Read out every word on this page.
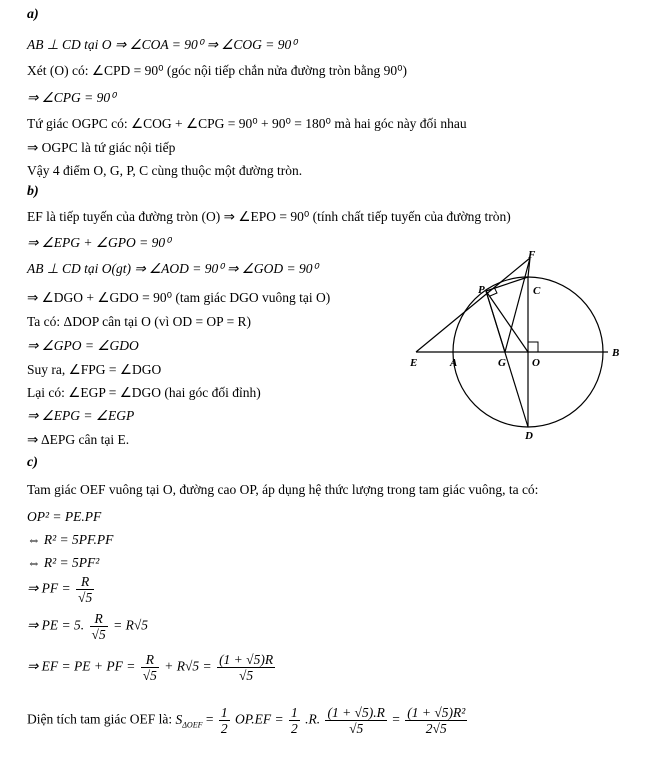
a)
AB ⊥ CD tại O ⇒ ∠COA = 90⁰ ⇒ ∠COG = 90⁰
Xét (O) có: ∠CPD = 90⁰ (góc nội tiếp chắn nửa đường tròn bằng 90⁰)
⇒ ∠CPG = 90⁰
Tứ giác OGPC có: ∠COG + ∠CPG = 90⁰ + 90⁰ = 180⁰ mà hai góc này đối nhau
⇒ OGPC là tứ giác nội tiếp
Vậy 4 điểm O, G, P, C cùng thuộc một đường tròn.
b)
EF là tiếp tuyến của đường tròn (O) ⇒ ∠EPO = 90⁰ (tính chất tiếp tuyến của đường tròn)
⇒ ∠EPG + ∠GPO = 90⁰
AB ⊥ CD tại O(gt) ⇒ ∠AOD = 90⁰ ⇒ ∠GOD = 90⁰
⇒ ∠DGO + ∠GDO = 90⁰ (tam giác DGO vuông tại O)
Ta có: ΔDOP cân tại O (vì OD = OP = R)
⇒ ∠GPO = ∠GDO
Suy ra, ∠FPG = ∠DGO
Lại có: ∠EGP = ∠DGO (hai góc đối đỉnh)
⇒ ∠EPG = ∠EGP
⇒ ΔEPG cân tại E.
E	A	G O
B
C
D
F
P
c)
Tam giác OEF vuông tại O, đường cao OP, áp dụng hệ thức lượng trong tam giác vuông, ta có:
OP² = PE.PF
⇔ R² = 5PF.PF
⇔ R² = 5PF²
⇒ PF = $\frac{R}{√5}$
⇒ PE = 5. $\frac{R}{√5} = R√5$
⇒ EF = PE + PF = $\frac{R}{√5} + R√5 = \frac{(1 + √5)R}{√5}$
Diện tích tam giác OEF là: $S_{\Delta OEF} = \frac{1}{2} OP.EF = \frac{1}{2} .R$. $\frac{(1 + √5).R}{√5} = \frac{\text{(1 + √5)R²}}{2√5}$
